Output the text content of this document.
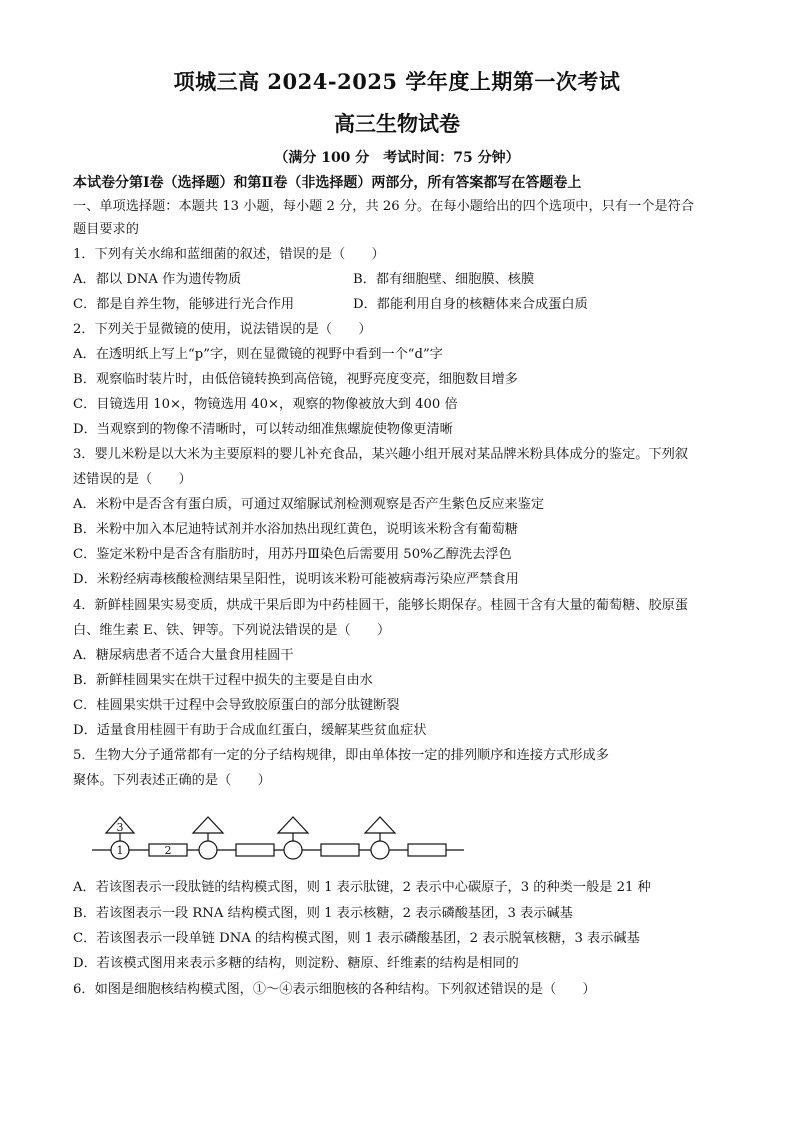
项城三高 2024-2025 学年度上期第一次考试
高三生物试卷
（满分 100 分　考试时间：75 分钟）
本试卷分第Ⅰ卷（选择题）和第Ⅱ卷（非选择题）两部分，所有答案都写在答题卷上
一、单项选择题：本题共 13 小题，每小题 2 分，共 26 分。在每小题给出的四个选项中，只有一个是符合
题目要求的
1．下列有关水绵和蓝细菌的叙述，错误的是（　　）
A．都以 DNA 作为遗传物质	B．都有细胞壁、细胞膜、核膜
C．都是自养生物，能够进行光合作用	D．都能利用自身的核糖体来合成蛋白质
2．下列关于显微镜的使用，说法错误的是（　　）
A．在透明纸上写上“p”字，则在显微镜的视野中看到一个“d”字
B．观察临时装片时，由低倍镜转换到高倍镜，视野亮度变亮，细胞数目增多
C．目镜选用 10×，物镜选用 40×，观察的物像被放大到 400 倍
D．当观察到的物像不清晰时，可以转动细准焦螺旋使物像更清晰
3．婴儿米粉是以大米为主要原料的婴儿补充食品，某兴趣小组开展对某品牌米粉具体成分的鉴定。下列叙
述错误的是（　　）
A．米粉中是否含有蛋白质，可通过双缩脲试剂检测观察是否产生紫色反应来鉴定
B．米粉中加入本尼迪特试剂并水浴加热出现红黄色，说明该米粉含有葡萄糖
C．鉴定米粉中是否含有脂肪时，用苏丹Ⅲ染色后需要用 50%乙醇洗去浮色
D．米粉经病毒核酸检测结果呈阳性，说明该米粉可能被病毒污染应严禁食用
4．新鲜桂圆果实易变质，烘成干果后即为中药桂圆干，能够长期保存。桂圆干含有大量的葡萄糖、胶原蛋
白、维生素 E、铁、钾等。下列说法错误的是（　　）
A．糖尿病患者不适合大量食用桂圆干
B．新鲜桂圆果实在烘干过程中损失的主要是自由水
C．桂圆果实烘干过程中会导致胶原蛋白的部分肽键断裂
D．适量食用桂圆干有助于合成血红蛋白，缓解某些贫血症状
5．生物大分子通常都有一定的分子结构规律，即由单体按一定的排列顺序和连接方式形成多
聚体。下列表述正确的是（　　）
3
1	2
A．若该图表示一段肽链的结构模式图，则 1 表示肽键，2 表示中心碳原子，3 的种类一般是 21 种
B．若该图表示一段 RNA 结构模式图，则 1 表示核糖，2 表示磷酸基团，3 表示碱基
C．若该图表示一段单链 DNA 的结构模式图，则 1 表示磷酸基团，2 表示脱氧核糖，3 表示碱基
D．若该模式图用来表示多糖的结构，则淀粉、糖原、纤维素的结构是相同的
6．如图是细胞核结构模式图，①～④表示细胞核的各种结构。下列叙述错误的是（　　）
